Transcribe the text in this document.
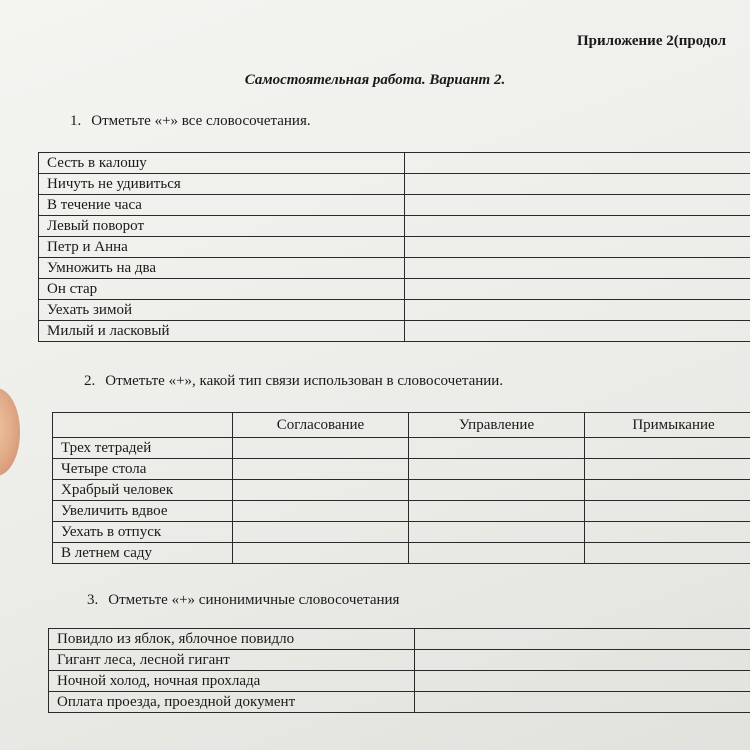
Приложение 2(продол
Самостоятельная работа. Вариант 2.
1. Отметьте «+» все словосочетания.
Сесть в калошу	
Ничуть не удивиться	
В течение часа	
Левый поворот	
Петр и Анна	
Умножить на два	
Он стар	
Уехать зимой	
Милый и ласковый	
2. Отметьте «+», какой тип связи использован в словосочетании.
	Согласование	Управление	Примыкание
Трех тетрадей			
Четыре стола			
Храбрый человек			
Увеличить вдвое			
Уехать в отпуск			
В летнем саду			
3. Отметьте «+» синонимичные словосочетания
Повидло из яблок, яблочное повидло	
Гигант леса, лесной гигант	
Ночной холод, ночная прохлада	
Оплата проезда, проездной документ	
